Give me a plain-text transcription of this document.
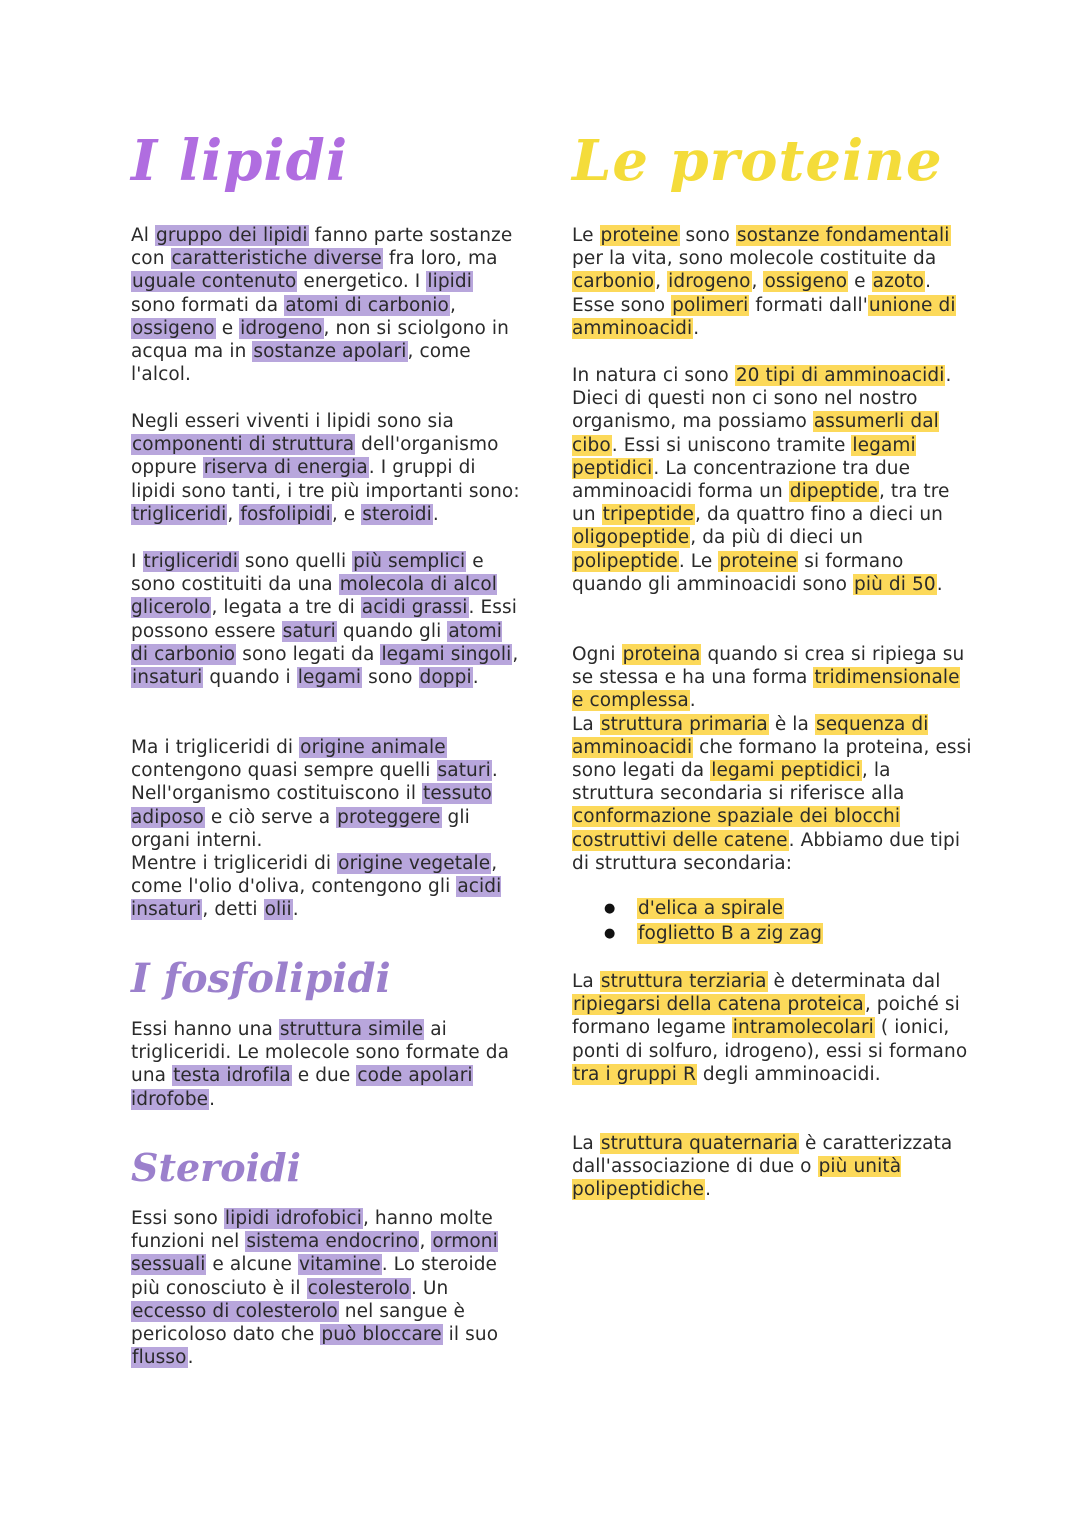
I lipidi

Al gruppo dei lipidi fanno parte sostanze con caratteristiche diverse fra loro, ma uguale contenuto energetico. I lipidi sono formati da atomi di carbonio, ossigeno e idrogeno, non si sciolgono in acqua ma in sostanze apolari, come l'alcol.

Negli esseri viventi i lipidi sono sia componenti di struttura dell'organismo oppure riserva di energia. I gruppi di lipidi sono tanti, i tre più importanti sono: trigliceridi, fosfolipidi, e steroidi.

I trigliceridi sono quelli più semplici e sono costituiti da una molecola di alcol glicerolo, legata a tre di acidi grassi. Essi possono essere saturi quando gli atomi di carbonio sono legati da legami singoli, insaturi quando i legami sono doppi.

Ma i trigliceridi di origine animale contengono quasi sempre quelli saturi. Nell'organismo costituiscono il tessuto adiposo e ciò serve a proteggere gli organi interni.
Mentre i trigliceridi di origine vegetale, come l'olio d'oliva, contengono gli acidi insaturi, detti olii.

I fosfolipidi

Essi hanno una struttura simile ai trigliceridi. Le molecole sono formate da una testa idrofila e due code apolari idrofobe.

Steroidi

Essi sono lipidi idrofobici, hanno molte funzioni nel sistema endocrino, ormoni sessuali e alcune vitamine. Lo steroide più conosciuto è il colesterolo. Un eccesso di colesterolo nel sangue è pericoloso dato che può bloccare il suo flusso.

Le proteine

Le proteine sono sostanze fondamentali per la vita, sono molecole costituite da carbonio, idrogeno, ossigeno e azoto. Esse sono polimeri formati dall'unione di amminoacidi.

In natura ci sono 20 tipi di amminoacidi. Dieci di questi non ci sono nel nostro organismo, ma possiamo assumerli dal cibo. Essi si uniscono tramite legami peptidici. La concentrazione tra due amminoacidi forma un dipeptide, tra tre un tripeptide, da quattro fino a dieci un oligopeptide, da più di dieci un polipeptide. Le proteine si formano quando gli amminoacidi sono più di 50.

Ogni proteina quando si crea si ripiega su se stessa e ha una forma tridimensionale e complessa.
La struttura primaria è la sequenza di amminoacidi che formano la proteina, essi sono legati da legami peptidici, la struttura secondaria si riferisce alla conformazione spaziale dei blocchi costruttivi delle catene. Abbiamo due tipi di struttura secondaria:

● d'elica a spirale
● foglietto B a zig zag

La struttura terziaria è determinata dal ripiegarsi della catena proteica, poiché si formano legame intramolecolari ( ionici, ponti di solfuro, idrogeno), essi si formano tra i gruppi R degli amminoacidi.

La struttura quaternaria è caratterizzata dall'associazione di due o più unità polipeptidiche.
